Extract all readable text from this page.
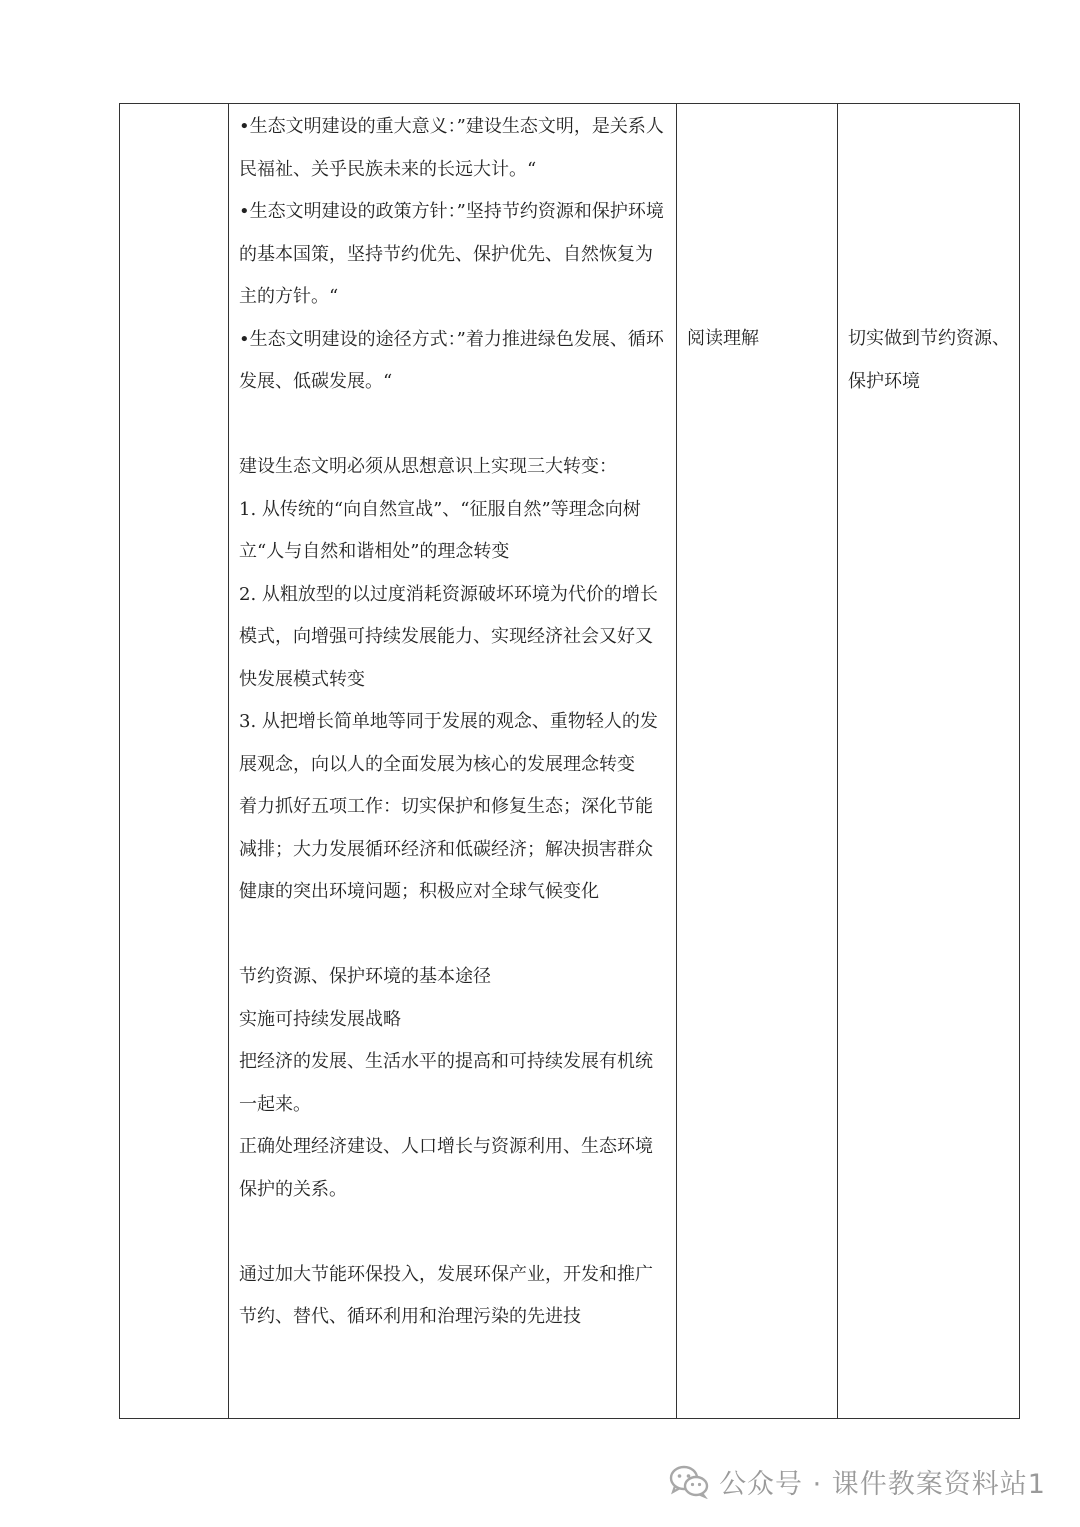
•生态文明建设的重大意义：”建设生态文明，是关系人民福祉、关乎民族未来的长远大计。“

•生态文明建设的政策方针：”坚持节约资源和保护环境的基本国策，坚持节约优先、保护优先、自然恢复为主的方针。“

•生态文明建设的途径方式：”着力推进绿色发展、循环发展、低碳发展。“

建设生态文明必须从思想意识上实现三大转变：

1. 从传统的“向自然宣战”、“征服自然”等理念向树立“人与自然和谐相处”的理念转变

2. 从粗放型的以过度消耗资源破坏环境为代价的增长模式，向增强可持续发展能力、实现经济社会又好又快发展模式转变

3. 从把增长简单地等同于发展的观念、重物轻人的发展观念，向以人的全面发展为核心的发展理念转变

着力抓好五项工作：切实保护和修复生态；深化节能减排；大力发展循环经济和低碳经济；解决损害群众健康的突出环境问题；积极应对全球气候变化

节约资源、保护环境的基本途径

实施可持续发展战略

把经济的发展、生活水平的提高和可持续发展有机统一起来。

正确处理经济建设、人口增长与资源利用、生态环境保护的关系。

通过加大节能环保投入，发展环保产业，开发和推广节约、替代、循环利用和治理污染的先进技

阅读理解	切实做到节约资源、保护环境

公众号 · 课件教案资料站1
